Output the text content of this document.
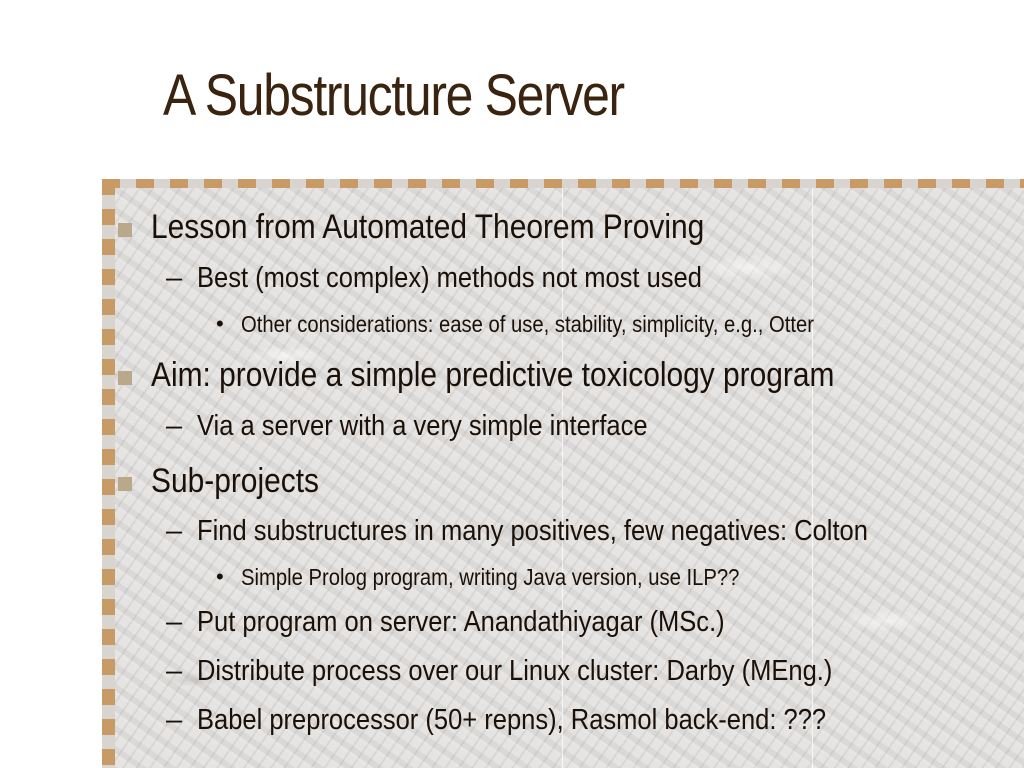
A Substructure Server
Lesson from Automated Theorem Proving
– Best (most complex) methods not most used
• Other considerations: ease of use, stability, simplicity, e.g., Otter
Aim: provide a simple predictive toxicology program
– Via a server with a very simple interface
Sub-projects
– Find substructures in many positives, few negatives: Colton
• Simple Prolog program, writing Java version, use ILP??
– Put program on server: Anandathiyagar (MSc.)
– Distribute process over our Linux cluster: Darby (MEng.)
– Babel preprocessor (50+ repns), Rasmol back-end: ???
